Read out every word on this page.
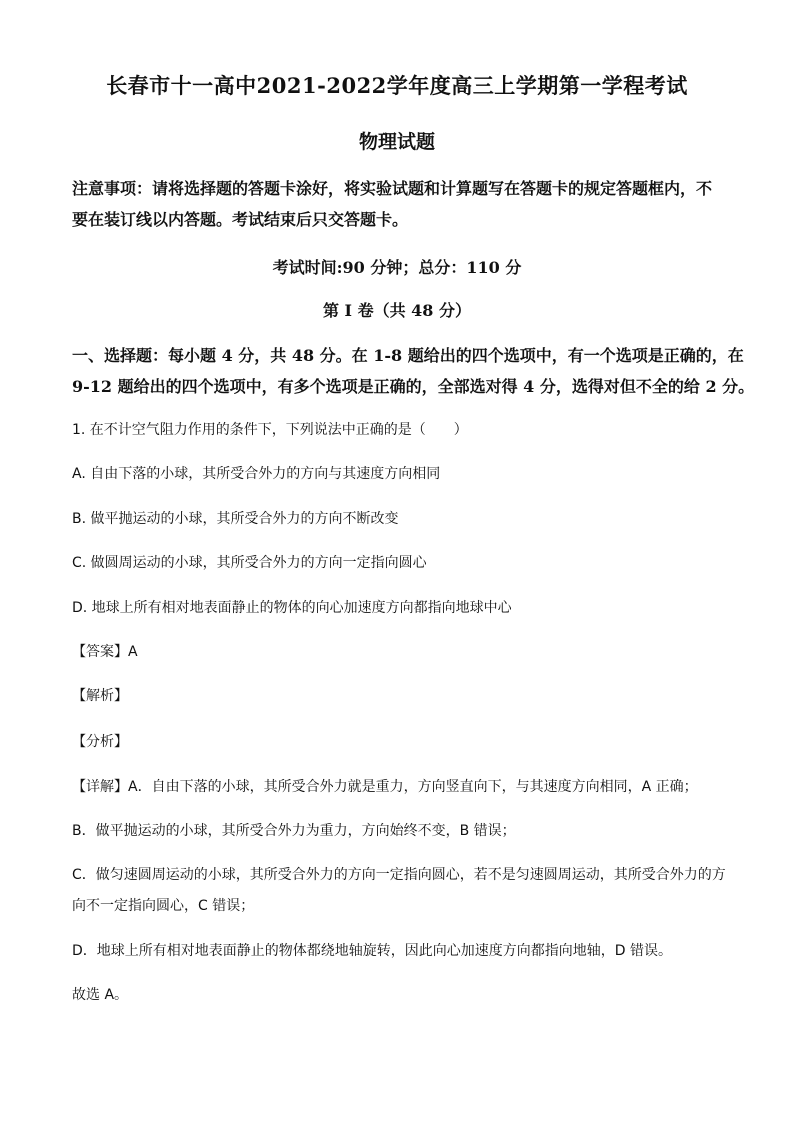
长春市十一高中2021-2022学年度高三上学期第一学程考试
物理试题
注意事项：请将选择题的答题卡涂好，将实验试题和计算题写在答题卡的规定答题框内，不
要在装订线以内答题。考试结束后只交答题卡。
考试时间:90 分钟；总分：110 分
第 I 卷（共 48 分）
一、选择题：每小题 4 分，共 48 分。在 1-8 题给出的四个选项中，有一个选项是正确的，在
9-12 题给出的四个选项中，有多个选项是正确的，全部选对得 4 分，选得对但不全的给 2 分。
1. 在不计空气阻力作用的条件下，下列说法中正确的是（　　）
A. 自由下落的小球，其所受合外力的方向与其速度方向相同
B. 做平抛运动的小球，其所受合外力的方向不断改变
C. 做圆周运动的小球，其所受合外力的方向一定指向圆心
D. 地球上所有相对地表面静止的物体的向心加速度方向都指向地球中心
【答案】A
【解析】
【分析】
【详解】A．自由下落的小球，其所受合外力就是重力，方向竖直向下，与其速度方向相同，A 正确；
B．做平抛运动的小球，其所受合外力为重力，方向始终不变，B 错误；
C．做匀速圆周运动的小球，其所受合外力的方向一定指向圆心，若不是匀速圆周运动，其所受合外力的方
向不一定指向圆心，C 错误；
D．地球上所有相对地表面静止的物体都绕地轴旋转，因此向心加速度方向都指向地轴，D 错误。
故选 A。
